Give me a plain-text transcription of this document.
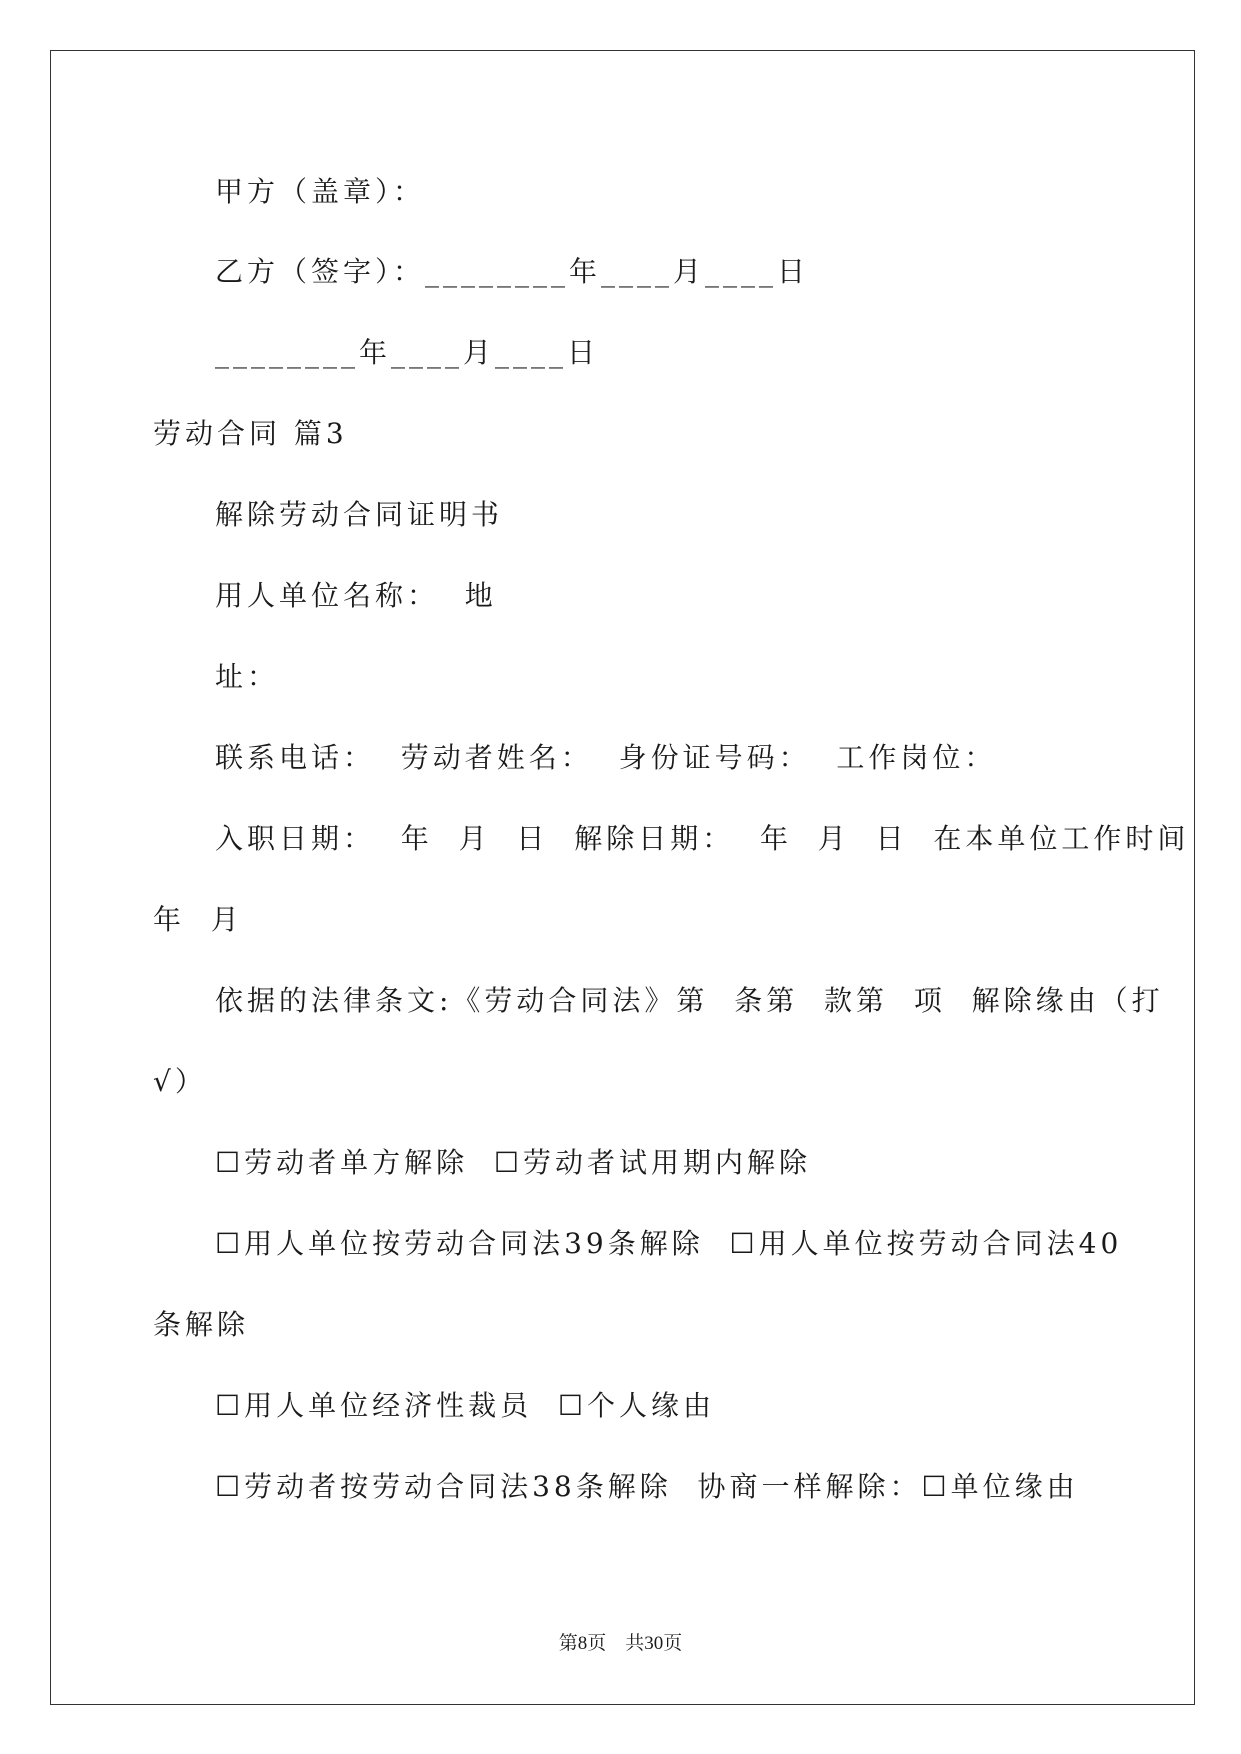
甲方（盖章）：
乙方（签字）：________年____月____日
________年____月____日
劳动合同 篇3
解除劳动合同证明书
用人单位名称：  地
址：
联系电话：  劳动者姓名：  身份证号码：  工作岗位：
入职日期：  年  月  日  解除日期：  年  月  日  在本单位工作时间
年  月
依据的法律条文:《劳动合同法》第  条第  款第  项  解除缘由（打
√）
☐劳动者单方解除  ☐劳动者试用期内解除
☐用人单位按劳动合同法39条解除  ☐用人单位按劳动合同法40
条解除
☐用人单位经济性裁员  ☐个人缘由
☐劳动者按劳动合同法38条解除  协商一样解除：☐单位缘由
第8页    共30页
